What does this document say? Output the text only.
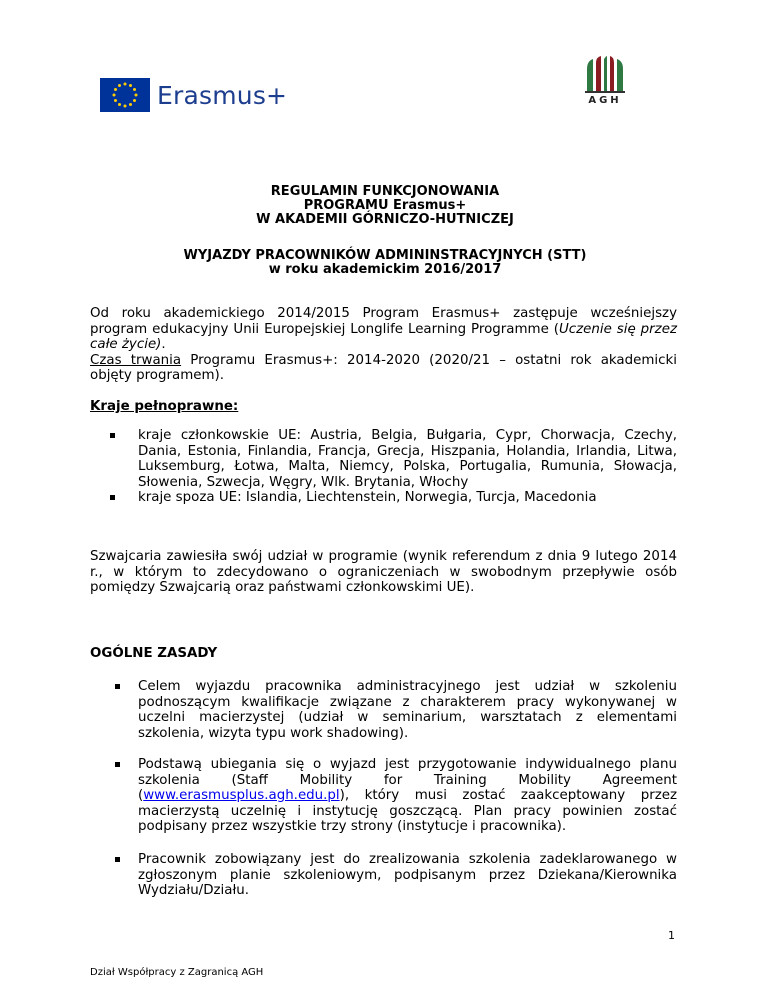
Erasmus+	AGH
REGULAMIN FUNKCJONOWANIA
PROGRAMU Erasmus+
W AKADEMII GÓRNICZO-HUTNICZEJ
WYJAZDY PRACOWNIKÓW ADMININSTRACYJNYCH (STT)
w roku akademickim 2016/2017

Od roku akademickiego 2014/2015 Program Erasmus+ zastępuje wcześniejszy program edukacyjny Unii Europejskiej Longlife Learning Programme (Uczenie się przez całe życie).

Czas trwania Programu Erasmus+: 2014-2020 (2020/21 – ostatni rok akademicki objęty programem).

Kraje pełnoprawne:
kraje członkowskie UE: Austria, Belgia, Bułgaria, Cypr, Chorwacja, Czechy, Dania, Estonia, Finlandia, Francja, Grecja, Hiszpania, Holandia, Irlandia, Litwa, Luksemburg, Łotwa, Malta, Niemcy, Polska, Portugalia, Rumunia, Słowacja, Słowenia, Szwecja, Węgry, Wlk. Brytania, Włochy
kraje spoza UE: Islandia, Liechtenstein, Norwegia, Turcja, Macedonia
Szwajcaria zawiesiła swój udział w programie (wynik referendum z dnia 9 lutego 2014 r., w którym to zdecydowano o ograniczeniach w swobodnym przepływie osób pomiędzy Szwajcarią oraz państwami członkowskimi UE).
OGÓLNE ZASADY
Celem wyjazdu pracownika administracyjnego jest udział w szkoleniu podnoszącym kwalifikacje związane z charakterem pracy wykonywanej w uczelni macierzystej (udział w seminarium, warsztatach z elementami szkolenia, wizyta typu work shadowing).
Podstawą ubiegania się o wyjazd jest przygotowanie indywidualnego planu szkolenia (Staff Mobility for Training Mobility Agreement (www.erasmusplus.agh.edu.pl), który musi zostać zaakceptowany przez macierzystą uczelnię i instytucję goszczącą. Plan pracy powinien zostać podpisany przez wszystkie trzy strony (instytucje i pracownika).
Pracownik zobowiązany jest do zrealizowania szkolenia zadeklarowanego w zgłoszonym planie szkoleniowym, podpisanym przez Dziekana/Kierownika Wydziału/Działu.
1
Dział Współpracy z Zagranicą AGH
